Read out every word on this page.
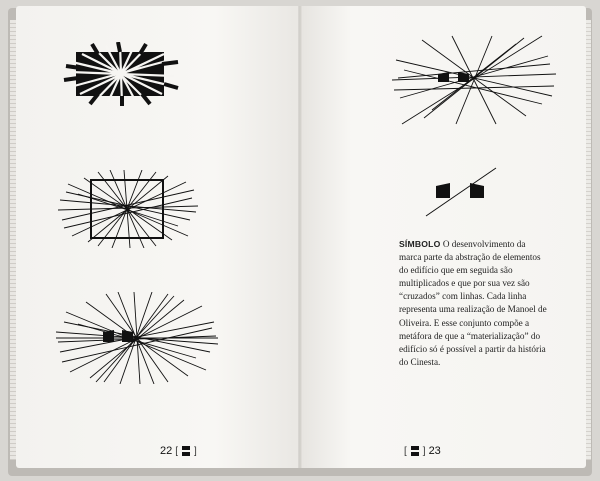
SÍMBOLO O desenvolvimento da marca parte da abstração de elementos do edifício que em seguida são multiplicados e que por sua vez são “cruzados” com linhas. Cada linha representa uma realização de Manoel de Oliveira. E esse conjunto compõe a metáfora de que a “materialização” do edifício só é possível a partir da história do Cinesta.
22 [ ]	[ ] 23
